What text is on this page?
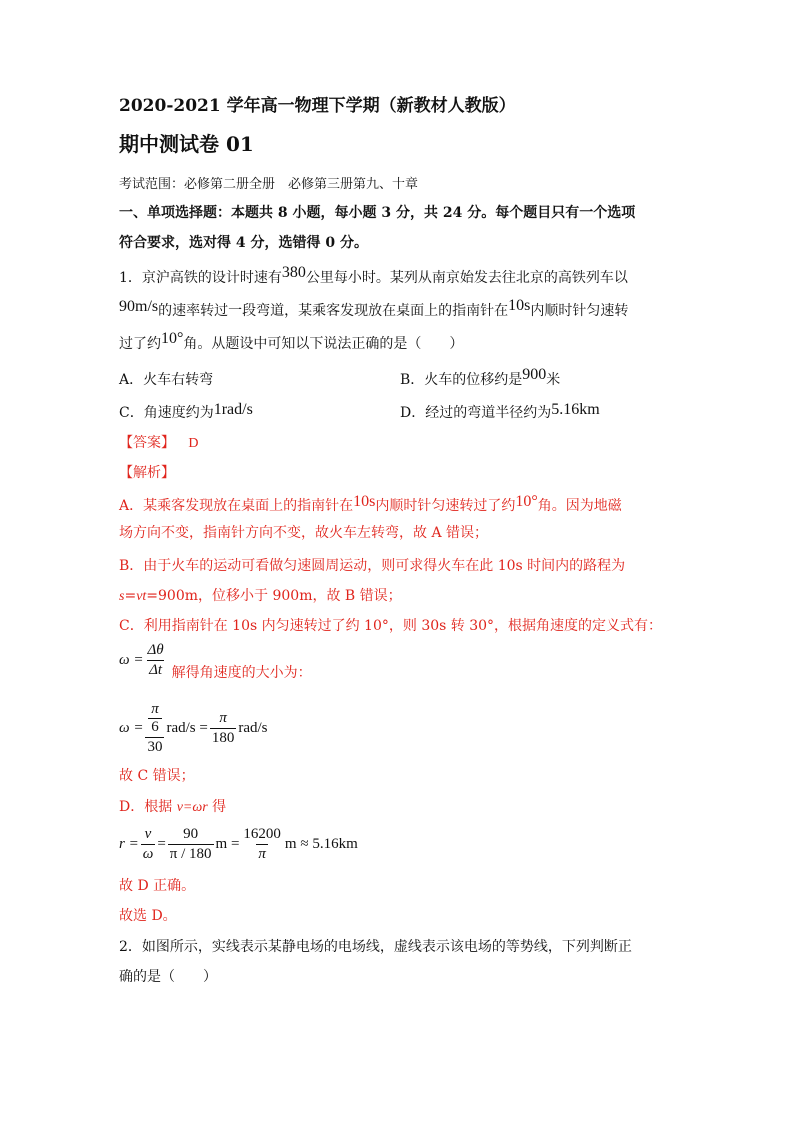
2020-2021 学年高一物理下学期（新教材人教版）
期中测试卷 01
考试范围：必修第二册全册　必修第三册第九、十章
一、单项选择题：本题共 8 小题，每小题 3 分，共 24 分。每个题目只有一个选项
符合要求，选对得 4 分，选错得 0 分。
1．京沪高铁的设计时速有380公里每小时。某列从南京始发去往北京的高铁列车以
90m/s的速率转过一段弯道，某乘客发现放在桌面上的指南针在10s内顺时针匀速转
过了约10°角。从题设中可知以下说法正确的是（　　）
A．火车右转弯	B．火车的位移约是900米
C．角速度约为1rad/s	D．经过的弯道半径约为5.16km
【答案】 D
【解析】
A．某乘客发现放在桌面上的指南针在10s内顺时针匀速转过了约10°角。因为地磁
场方向不变，指南针方向不变，故火车左转弯，故 A 错误；
B．由于火车的运动可看做匀速圆周运动，则可求得火车在此 10s 时间内的路程为
s=vt=900m，位移小于 900m，故 B 错误；
C．利用指南针在 10s 内匀速转过了约 10°，则 30s 转 30°，根据角速度的定义式有：
$\omega = \frac{\Delta\theta}{\Delta t}$ 解得角速度的大小为：
ω = π
6
30 $rad/s = \frac{\pi}{180} rad/s$
故 C 错误；
D．根据 v=ωr 得
$r = \frac{v}{\omega} = \frac{90}{\pi / 180}$ $m = \frac{16200}{\pi}$ m ≈ 5.16km
故 D 正确。
故选 D。
2．如图所示，实线表示某静电场的电场线，虚线表示该电场的等势线，下列判断正
确的是（　　）
